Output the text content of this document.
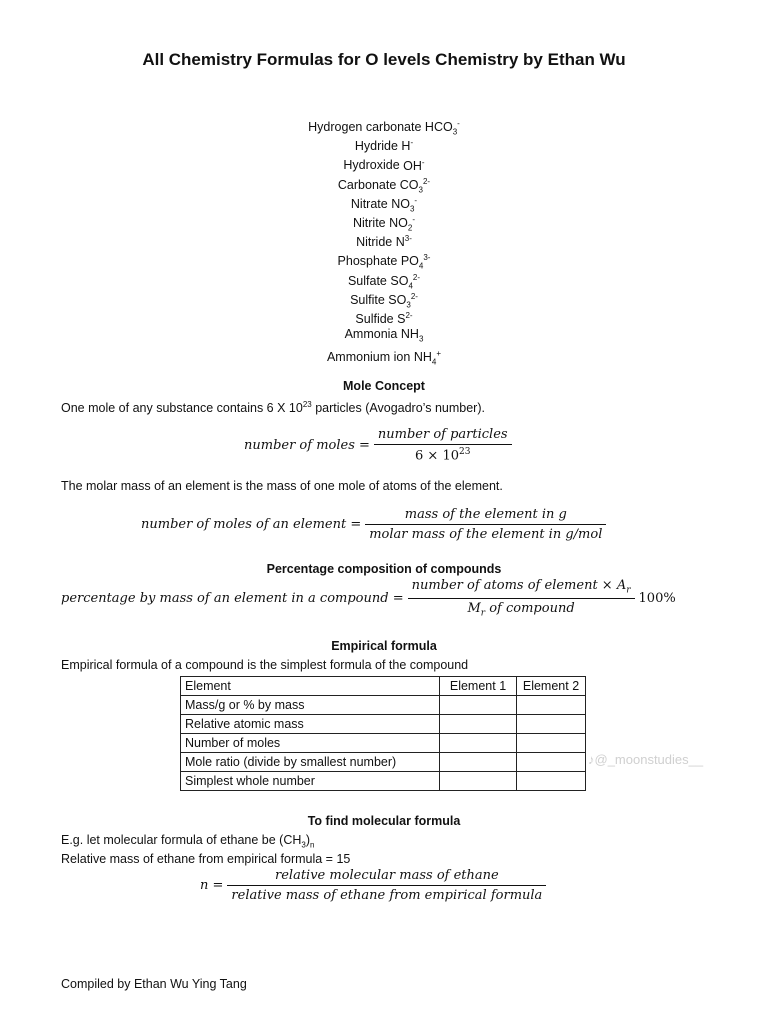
All Chemistry Formulas for O levels Chemistry by Ethan Wu
Hydrogen carbonate $HCO_3^-$
Hydride H-
Hydroxide OH-
Carbonate $CO_3^{2-}$
Nitrate $NO_3^-$
Nitrite $NO_2^-$
Nitride $N^{3-}$
Phosphate $PO_4^{3-}$
Sulfate $SO_4^{2-}$
Sulfite $SO_3^{2-}$
Sulfide $S^{2-}$
Ammonia $NH_3$
Ammonium ion $NH_4^+$
Mole Concept
One mole of any substance contains 6 X $10^{23}$ particles (Avogadro’s number).
number of moles = $\frac{\text{number of particles}}{6 \times 10^{23}}$
The molar mass of an element is the mass of one mole of atoms of the element.
number of moles of an element = $\frac{\text{mass of the element in g}}{\text{molar mass of the element in g/mol}}$
Percentage composition of compounds
percentage by mass of an element in a compound = $\frac{number of atoms of element \times A_r}{M_r of compound} 100\%$
Empirical formula
Empirical formula of a compound is the simplest formula of the compound
Element	Element 1	Element 2
Mass/g or % by mass		
Relative atomic mass		
Number of moles		
Mole ratio (divide by smallest number)		
Simplest whole number		
♪@_moonstudies__
To find molecular formula
E.g. let molecular formula of ethane be $(CH_3)_n$
Relative mass of ethane from empirical formula = 15
$n = \frac{\text{relative molecular mass of ethane}}{\text{relative mass of ethane from empirical formula}}$
Compiled by Ethan Wu Ying Tang
